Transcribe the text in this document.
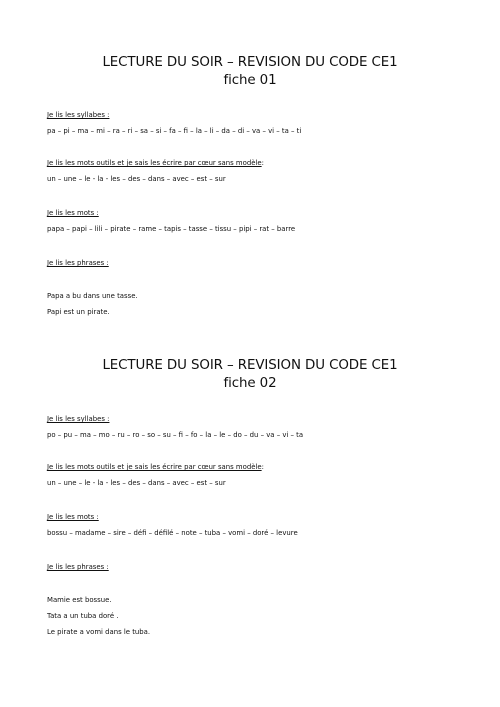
LECTURE DU SOIR – REVISION DU CODE CE1
fiche 01
Je lis les syllabes :
pa – pi – ma – mi – ra – ri – sa – si – fa – fi – la – li – da – di – va – vi – ta – ti
Je lis les mots outils et je sais les écrire par cœur sans modèle:
un – une – le - la - les – des – dans – avec – est – sur
Je lis les mots :
papa – papi – lili – pirate – rame – tapis – tasse – tissu – pipi – rat – barre
Je lis les phrases :
Papa a bu dans une tasse.
Papi est un pirate.
LECTURE DU SOIR – REVISION DU CODE CE1
fiche 02
Je lis les syllabes :
po – pu – ma – mo – ru – ro – so – su – fi – fo – la – le – do – du – va – vi – ta
Je lis les mots outils et je sais les écrire par cœur sans modèle:
un – une – le - la - les – des – dans – avec – est – sur
Je lis les mots :
bossu – madame – sire – défi – défilé – note – tuba – vomi – doré – levure
Je lis les phrases :
Mamie est bossue.
Tata a un tuba doré .
Le pirate a vomi dans le tuba.
